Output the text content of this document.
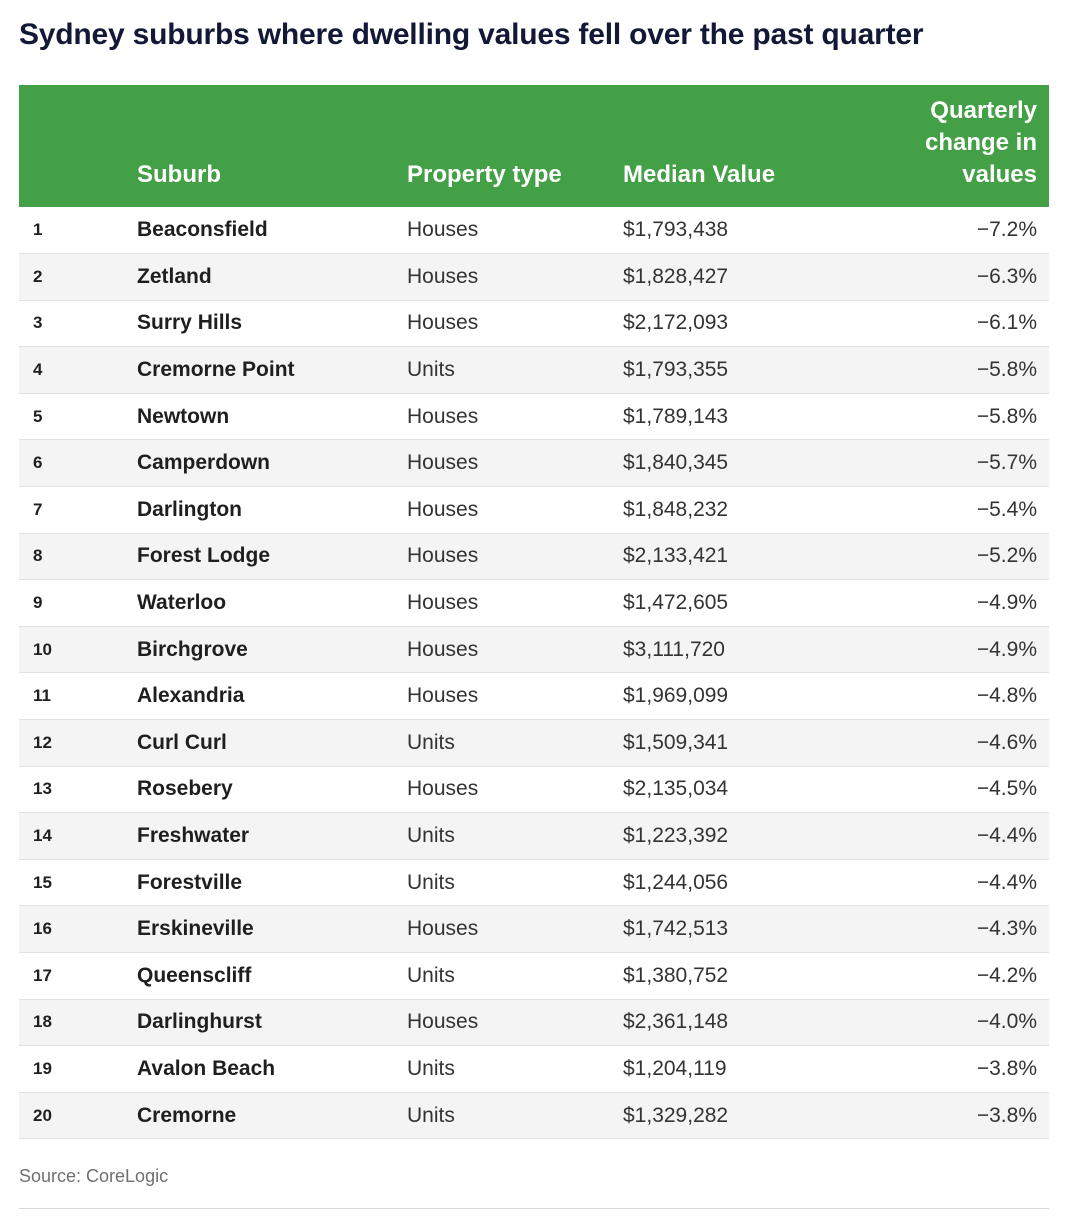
Sydney suburbs where dwelling values fell over the past quarter
	Suburb	Property type	Median Value	Quarterly change in values
1	Beaconsfield	Houses	$1,793,438	−7.2%
2	Zetland	Houses	$1,828,427	−6.3%
3	Surry Hills	Houses	$2,172,093	−6.1%
4	Cremorne Point	Units	$1,793,355	−5.8%
5	Newtown	Houses	$1,789,143	−5.8%
6	Camperdown	Houses	$1,840,345	−5.7%
7	Darlington	Houses	$1,848,232	−5.4%
8	Forest Lodge	Houses	$2,133,421	−5.2%
9	Waterloo	Houses	$1,472,605	−4.9%
10	Birchgrove	Houses	$3,111,720	−4.9%
11	Alexandria	Houses	$1,969,099	−4.8%
12	Curl Curl	Units	$1,509,341	−4.6%
13	Rosebery	Houses	$2,135,034	−4.5%
14	Freshwater	Units	$1,223,392	−4.4%
15	Forestville	Units	$1,244,056	−4.4%
16	Erskineville	Houses	$1,742,513	−4.3%
17	Queenscliff	Units	$1,380,752	−4.2%
18	Darlinghurst	Houses	$2,361,148	−4.0%
19	Avalon Beach	Units	$1,204,119	−3.8%
20	Cremorne	Units	$1,329,282	−3.8%
Source: CoreLogic
